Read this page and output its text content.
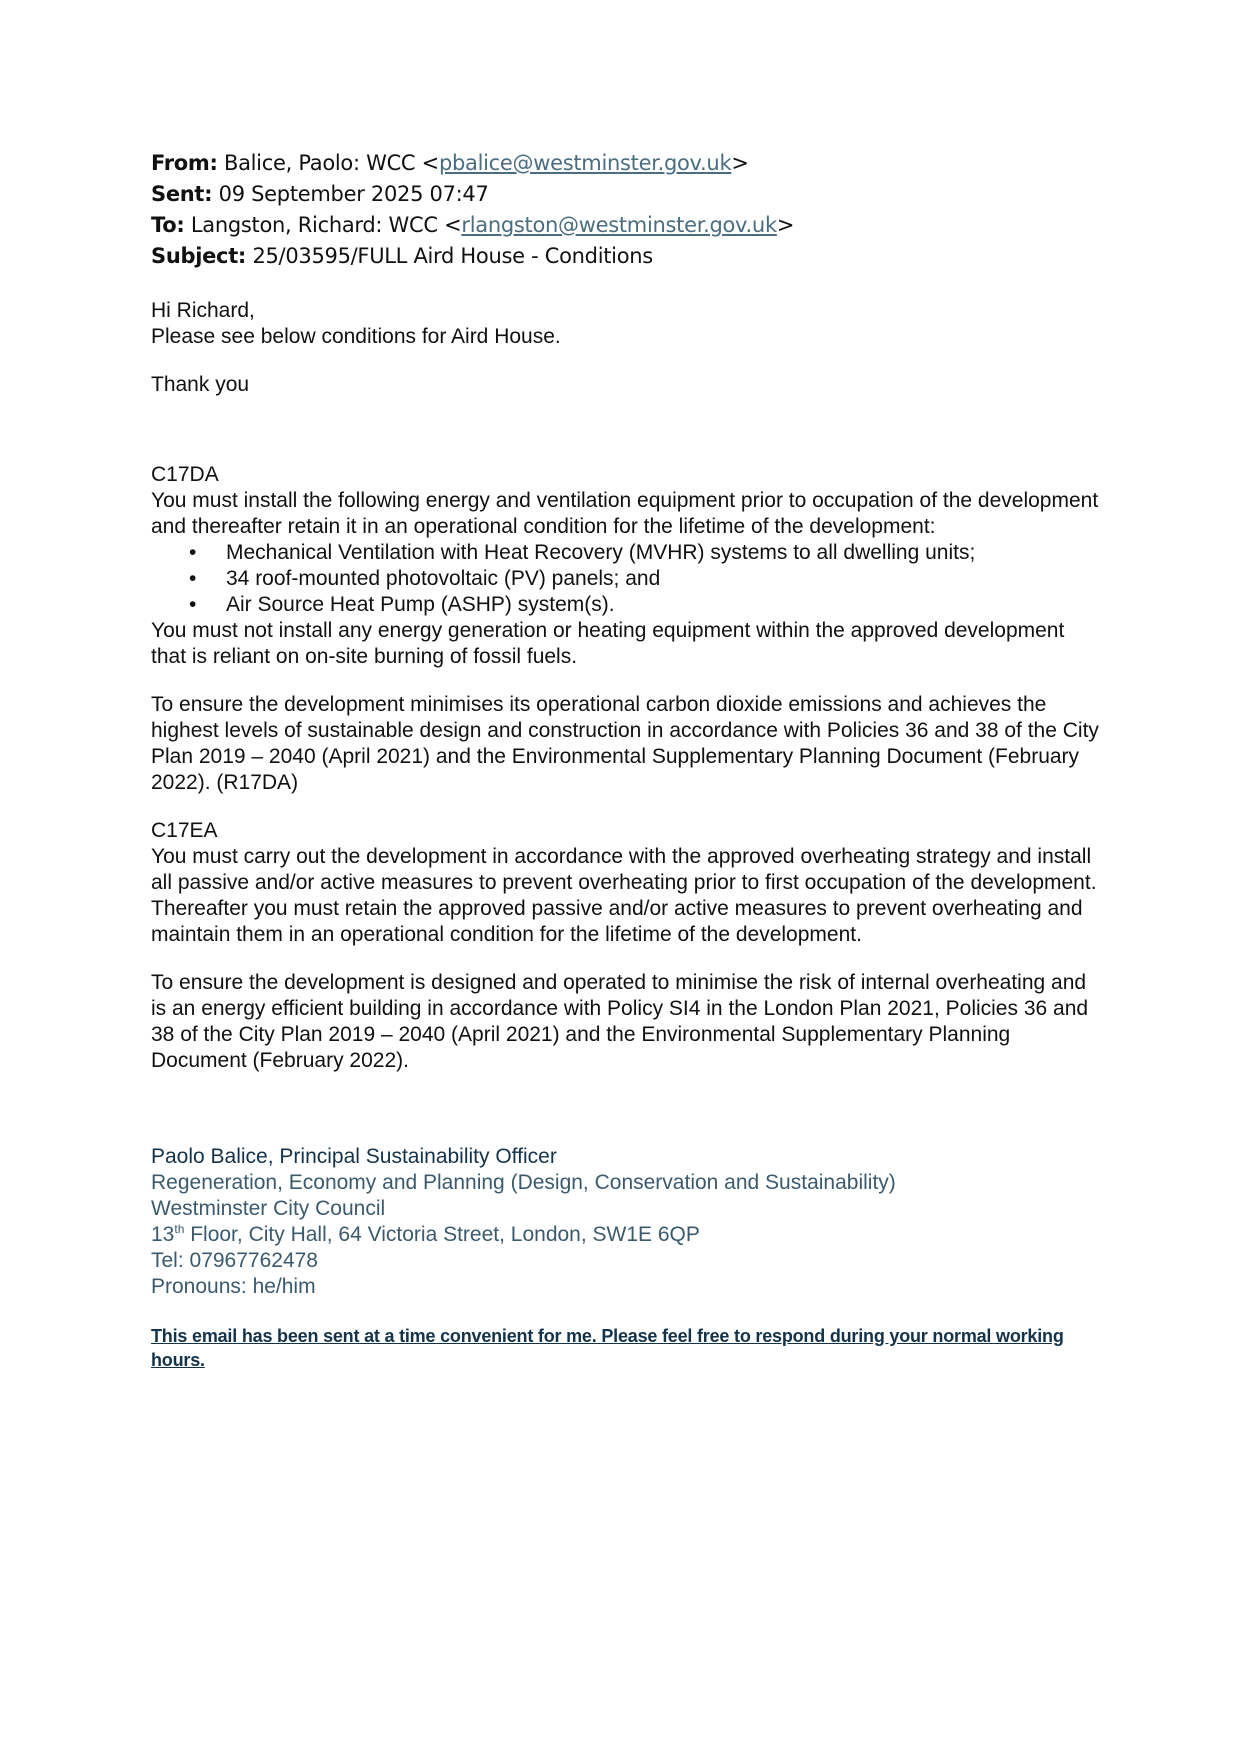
From: Balice, Paolo: WCC <pbalice@westminster.gov.uk>
Sent: 09 September 2025 07:47
To: Langston, Richard: WCC <rlangston@westminster.gov.uk>
Subject: 25/03595/FULL Aird House - Conditions

Hi Richard,

Please see below conditions for Aird House.

Thank you

C17DA

You must install the following energy and ventilation equipment prior to occupation of the development and thereafter retain it in an operational condition for the lifetime of the development:

• Mechanical Ventilation with Heat Recovery (MVHR) systems to all dwelling units;
• 34 roof-mounted photovoltaic (PV) panels; and
• Air Source Heat Pump (ASHP) system(s).

You must not install any energy generation or heating equipment within the approved development that is reliant on on-site burning of fossil fuels.

To ensure the development minimises its operational carbon dioxide emissions and achieves the highest levels of sustainable design and construction in accordance with Policies 36 and 38 of the City Plan 2019 – 2040 (April 2021) and the Environmental Supplementary Planning Document (February 2022). (R17DA)

C17EA

You must carry out the development in accordance with the approved overheating strategy and install all passive and/or active measures to prevent overheating prior to first occupation of the development. Thereafter you must retain the approved passive and/or active measures to prevent overheating and maintain them in an operational condition for the lifetime of the development.

To ensure the development is designed and operated to minimise the risk of internal overheating and is an energy efficient building in accordance with Policy SI4 in the London Plan 2021, Policies 36 and 38 of the City Plan 2019 – 2040 (April 2021) and the Environmental Supplementary Planning Document (February 2022).

Paolo Balice, Principal Sustainability Officer

Regeneration, Economy and Planning (Design, Conservation and Sustainability)

Westminster City Council

13th Floor, City Hall, 64 Victoria Street, London, SW1E 6QP

Tel: 07967762478

Pronouns: he/him

This email has been sent at a time convenient for me. Please feel free to respond during your normal working hours.
